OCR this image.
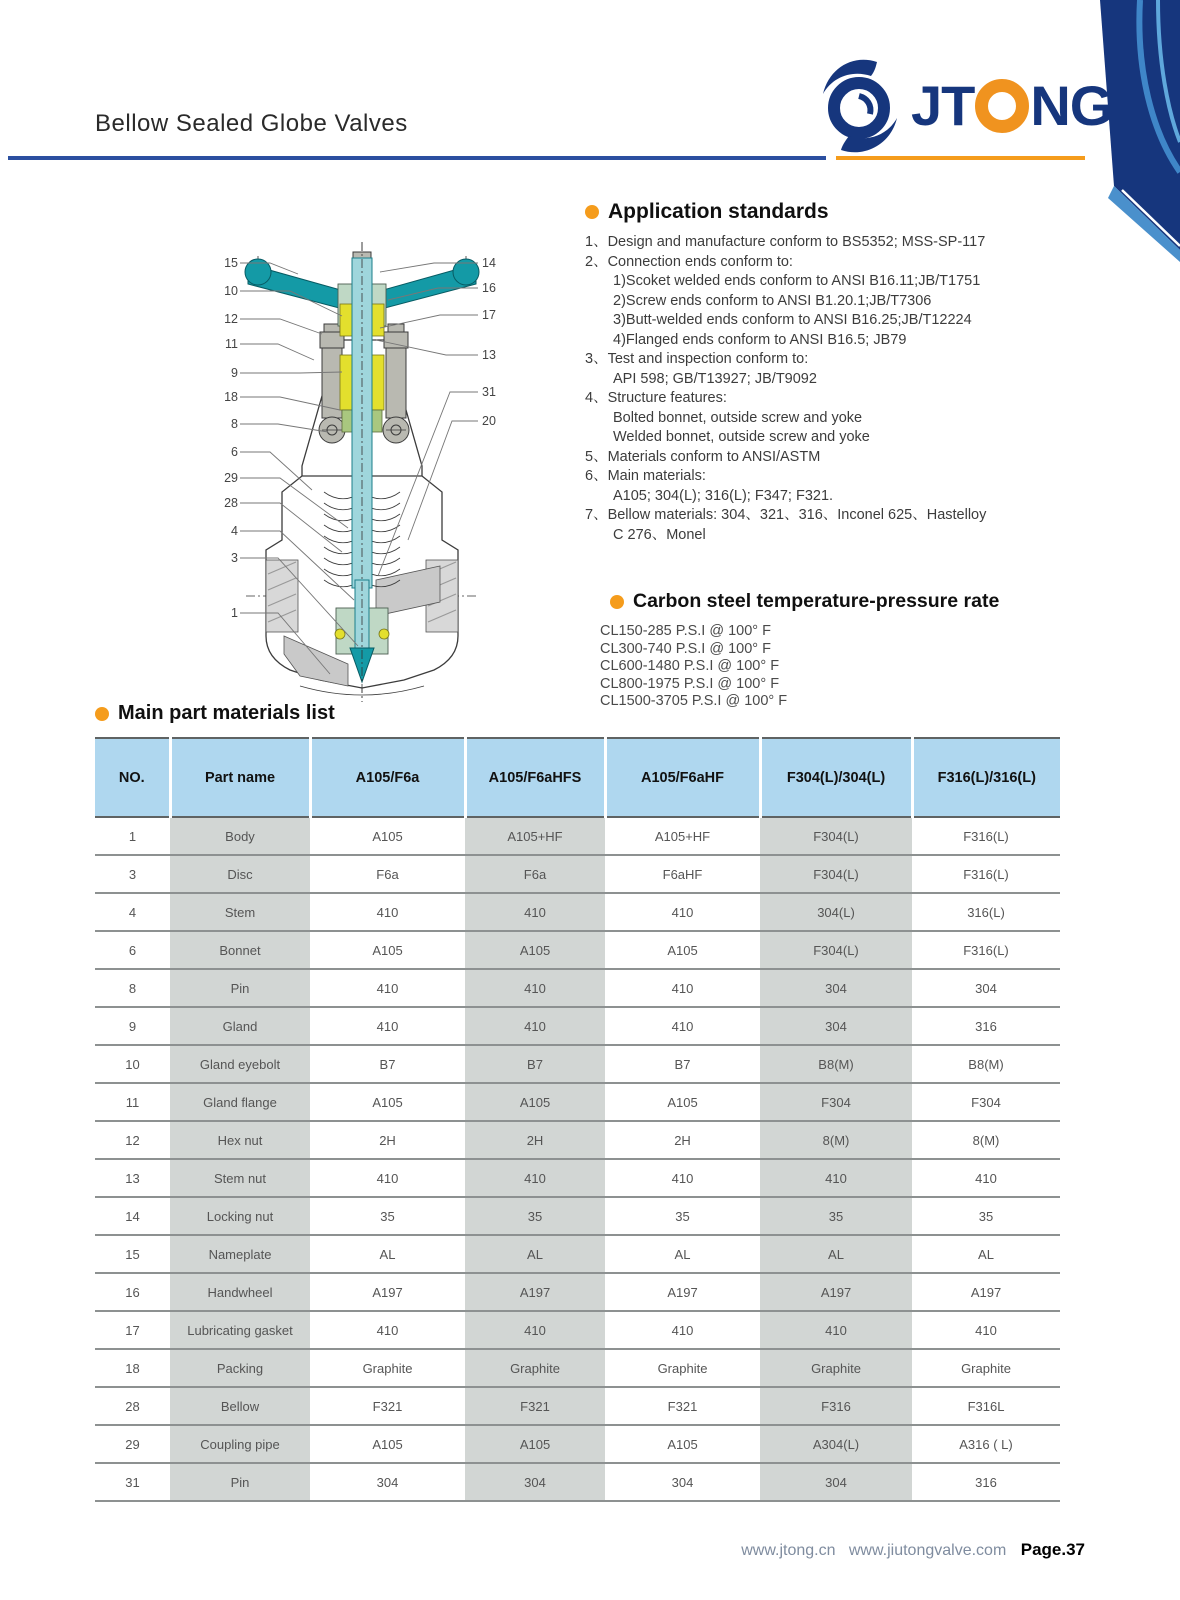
Bellow Sealed Globe Valves	JT NG
15
10
12
11
9
18
8
6
29
28
4
3
1
14
16
17
13
31
20
Application standards
1、Design and manufacture conform to BS5352; MSS-SP-117
2、Connection ends conform to:
1)Scoket welded ends conform to ANSI B16.11;JB/T1751
2)Screw ends conform to ANSI B1.20.1;JB/T7306
3)Butt-welded ends conform to ANSI B16.25;JB/T12224
4)Flanged ends conform to ANSI B16.5; JB79
3、Test and inspection conform to:
API 598; GB/T13927; JB/T9092
4、Structure features:
Bolted bonnet, outside screw and yoke
Welded bonnet, outside screw and yoke
5、Materials conform to ANSI/ASTM
6、Main materials:
A105; 304(L); 316(L); F347; F321.
7、Bellow materials: 304、321、316、Inconel 625、Hastelloy
C 276、Monel
Carbon steel temperature-pressure rate
CL150-285 P.S.I @ 100° F
CL300-740 P.S.I @ 100° F
CL600-1480 P.S.I @ 100° F
CL800-1975 P.S.I @ 100° F
CL1500-3705 P.S.I @ 100° F
Main part materials list
NO.	Part name	A105/F6a	A105/F6aHFS	A105/F6aHF	F304(L)/304(L)	F316(L)/316(L)
1	Body	A105	A105+HF	A105+HF	F304(L)	F316(L)
3	Disc	F6a	F6a	F6aHF	F304(L)	F316(L)
4	Stem	410	410	410	304(L)	316(L)
6	Bonnet	A105	A105	A105	F304(L)	F316(L)
8	Pin	410	410	410	304	304
9	Gland	410	410	410	304	316
10	Gland eyebolt	B7	B7	B7	B8(M)	B8(M)
11	Gland flange	A105	A105	A105	F304	F304
12	Hex nut	2H	2H	2H	8(M)	8(M)
13	Stem nut	410	410	410	410	410
14	Locking nut	35	35	35	35	35
15	Nameplate	AL	AL	AL	AL	AL
16	Handwheel	A197	A197	A197	A197	A197
17	Lubricating gasket	410	410	410	410	410
18	Packing	Graphite	Graphite	Graphite	Graphite	Graphite
28	Bellow	F321	F321	F321	F316	F316L
29	Coupling pipe	A105	A105	A105	A304(L)	A316 ( L)
31	Pin	304	304	304	304	316
www.jtong.cn www.jiutongvalve.com Page.37
